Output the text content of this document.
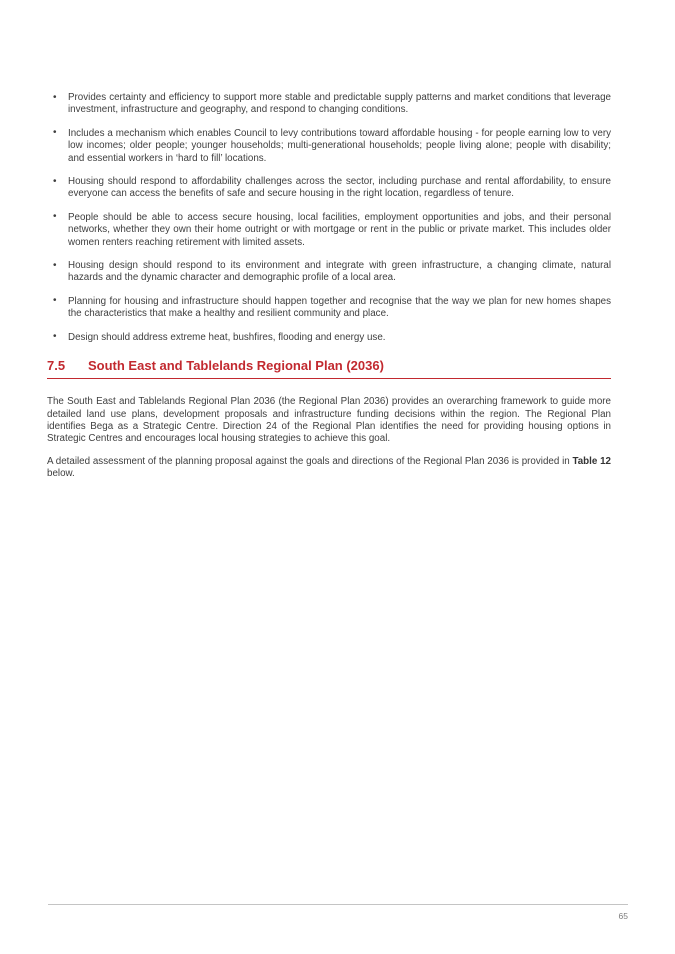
• Provides certainty and efficiency to support more stable and predictable supply patterns and market conditions that leverage investment, infrastructure and geography, and respond to changing conditions.
• Includes a mechanism which enables Council to levy contributions toward affordable housing - for people earning low to very low incomes; older people; younger households; multi-generational households; people living alone; people with disability; and essential workers in ‘hard to fill’ locations.
• Housing should respond to affordability challenges across the sector, including purchase and rental affordability, to ensure everyone can access the benefits of safe and secure housing in the right location, regardless of tenure.
• People should be able to access secure housing, local facilities, employment opportunities and jobs, and their personal networks, whether they own their home outright or with mortgage or rent in the public or private market. This includes older women renters reaching retirement with limited assets.
• Housing design should respond to its environment and integrate with green infrastructure, a changing climate, natural hazards and the dynamic character and demographic profile of a local area.
• Planning for housing and infrastructure should happen together and recognise that the way we plan for new homes shapes the characteristics that make a healthy and resilient community and place.
• Design should address extreme heat, bushfires, flooding and energy use.
7.5	South East and Tablelands Regional Plan (2036)

The South East and Tablelands Regional Plan 2036 (the Regional Plan 2036) provides an overarching framework to guide more detailed land use plans, development proposals and infrastructure funding decisions within the region. The Regional Plan identifies Bega as a Strategic Centre. Direction 24 of the Regional Plan identifies the need for providing housing options in Strategic Centres and encourages local housing strategies to achieve this goal.

A detailed assessment of the planning proposal against the goals and directions of the Regional Plan 2036 is provided in Table 12 below.

65
